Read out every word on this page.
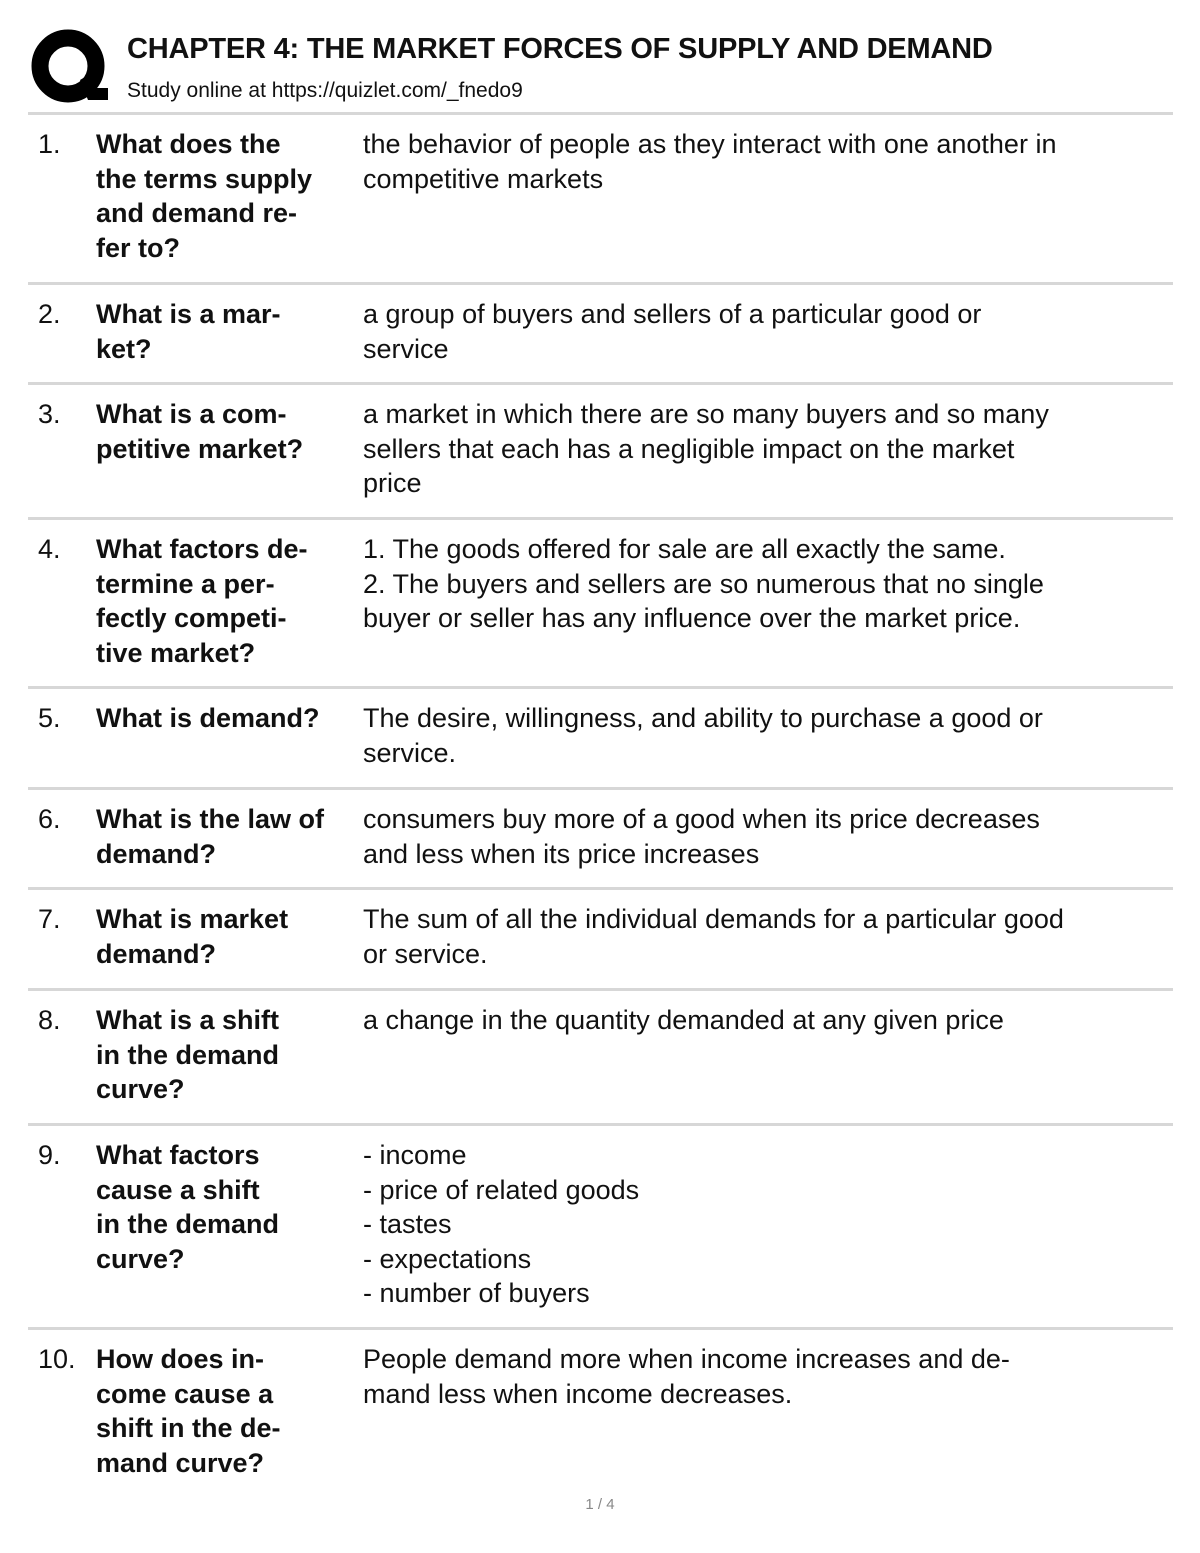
CHAPTER 4: THE MARKET FORCES OF SUPPLY AND DEMAND
Study online at https://quizlet.com/_fnedo9
1. What does the
the terms supply
and demand re-
fer to?
the behavior of people as they interact with one another in
competitive markets
2. What is a mar-
ket?
a group of buyers and sellers of a particular good or
service
3. What is a com-
petitive market?
a market in which there are so many buyers and so many
sellers that each has a negligible impact on the market
price
4. What factors de-
termine a per-
fectly competi-
tive market?
1. The goods offered for sale are all exactly the same.
2. The buyers and sellers are so numerous that no single
buyer or seller has any influence over the market price.
5. What is demand?	The desire, willingness, and ability to purchase a good or
service.
6. What is the law of
demand?
consumers buy more of a good when its price decreases
and less when its price increases
7. What is market
demand?
The sum of all the individual demands for a particular good
or service.
8. What is a shift
in the demand
curve?
a change in the quantity demanded at any given price
9. What factors
cause a shift
in the demand
curve?
- income
- price of related goods
- tastes
- expectations
- number of buyers
10. How does in-
come cause a
shift in the de-
mand curve?
People demand more when income increases and de-
mand less when income decreases.
1 / 4
